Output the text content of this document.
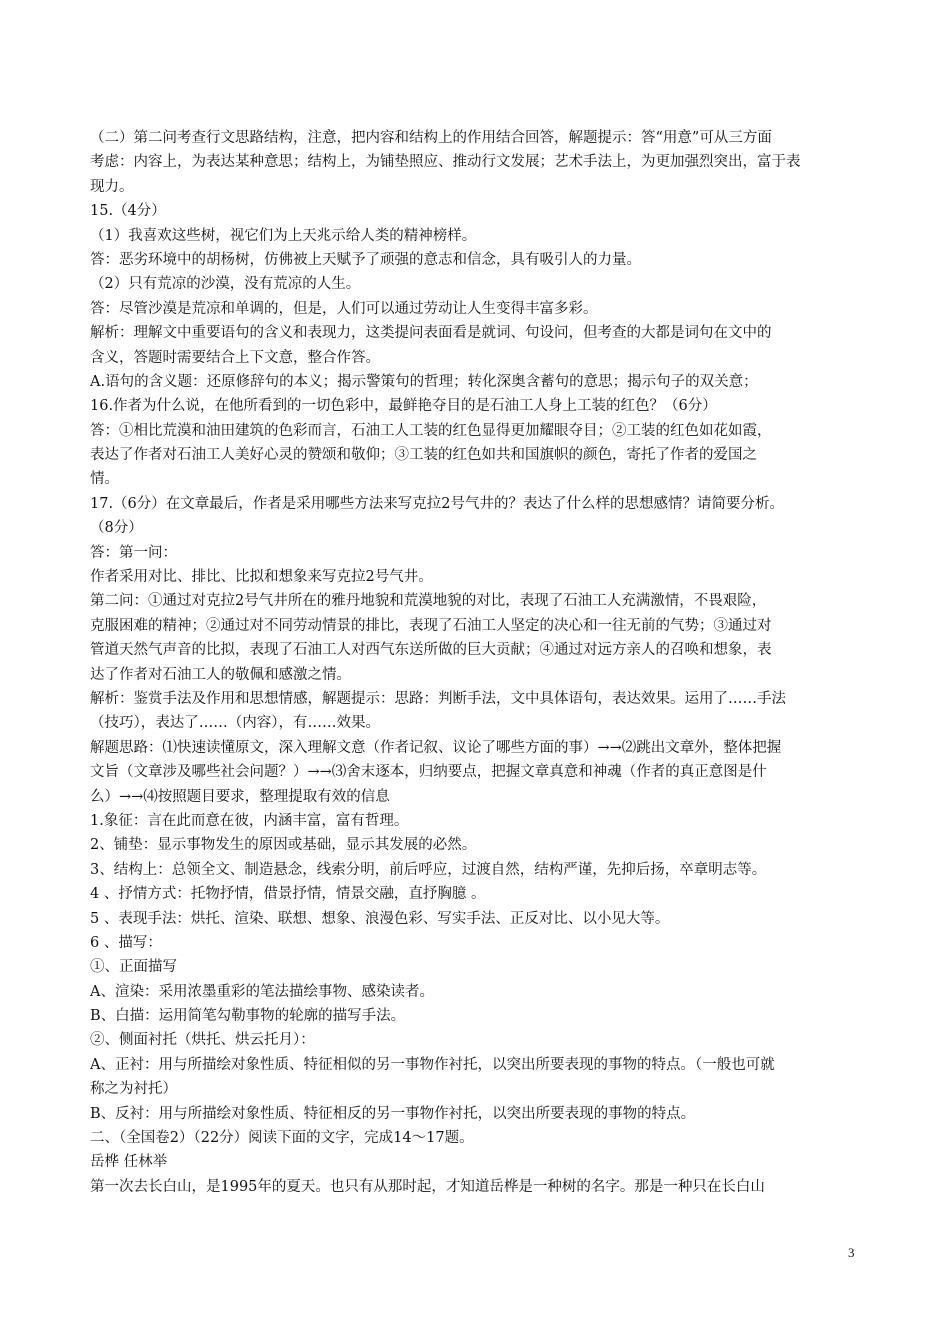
（二）第二问考查行文思路结构，注意，把内容和结构上的作用结合回答，解题提示：答“用意”可从三方面
考虑：内容上，为表达某种意思；结构上，为铺垫照应、推动行文发展；艺术手法上，为更加强烈突出，富于表
现力。
15.（4分）
（1）我喜欢这些树，视它们为上天兆示给人类的精神榜样。
答：恶劣环境中的胡杨树，仿佛被上天赋予了顽强的意志和信念，具有吸引人的力量。
（2）只有荒凉的沙漠，没有荒凉的人生。
答：尽管沙漠是荒凉和单调的，但是，人们可以通过劳动让人生变得丰富多彩。
解析：理解文中重要语句的含义和表现力，这类提问表面看是就词、句设问，但考查的大都是词句在文中的
含义，答题时需要结合上下文意，整合作答。
A.语句的含义题：还原修辞句的本义；揭示警策句的哲理；转化深奥含蓄句的意思；揭示句子的双关意；
16.作者为什么说，在他所看到的一切色彩中，最鲜艳夺目的是石油工人身上工装的红色？（6分）
答：①相比荒漠和油田建筑的色彩而言，石油工人工装的红色显得更加耀眼夺目；②工装的红色如花如霞，
表达了作者对石油工人美好心灵的赞颂和敬仰；③工装的红色如共和国旗帜的颜色，寄托了作者的爱国之
情。
17.（6分）在文章最后，作者是采用哪些方法来写克拉2号气井的？表达了什么样的思想感情？请简要分析。
（8分）
答：第一问：
作者采用对比、排比、比拟和想象来写克拉2号气井。
第二问：①通过对克拉2号气井所在的雅丹地貌和荒漠地貌的对比，表现了石油工人充满激情，不畏艰险，
克服困难的精神；②通过对不同劳动情景的排比，表现了石油工人坚定的决心和一往无前的气势；③通过对
管道天然气声音的比拟，表现了石油工人对西气东送所做的巨大贡献；④通过对远方亲人的召唤和想象，表
达了作者对石油工人的敬佩和感激之情。
解析：鉴赏手法及作用和思想情感，解题提示：思路：判断手法，文中具体语句，表达效果。运用了……手法
（技巧），表达了……（内容），有……效果。
解题思路：⑴快速读懂原文，深入理解文意（作者记叙、议论了哪些方面的事）→→⑵跳出文章外，整体把握
文旨（文章涉及哪些社会问题？）→→⑶舍末逐本，归纳要点，把握文章真意和神魂（作者的真正意图是什
么）→→⑷按照题目要求，整理提取有效的信息
1.象征：言在此而意在彼，内涵丰富，富有哲理。
2、铺垫：显示事物发生的原因或基础，显示其发展的必然。
3、结构上：总领全文、制造悬念，线索分明，前后呼应，过渡自然，结构严谨，先抑后扬，卒章明志等。
4 、抒情方式：托物抒情，借景抒情，情景交融，直抒胸臆 。
5 、表现手法：烘托、渲染、联想、想象、浪漫色彩、写实手法、正反对比、以小见大等。
6 、描写：
①、正面描写
A、渲染：采用浓墨重彩的笔法描绘事物、感染读者。
B、白描：运用简笔勾勒事物的轮廓的描写手法。
②、侧面衬托（烘托、烘云托月）：
A、正衬：用与所描绘对象性质、特征相似的另一事物作衬托，以突出所要表现的事物的特点。（一般也可就
称之为衬托）
B、反衬：用与所描绘对象性质、特征相反的另一事物作衬托，以突出所要表现的事物的特点。
二、（全国卷2）（22分）阅读下面的文字，完成14～17题。
岳桦 任林举
第一次去长白山，是1995年的夏天。也只有从那时起，才知道岳桦是一种树的名字。那是一种只在长白山
3
